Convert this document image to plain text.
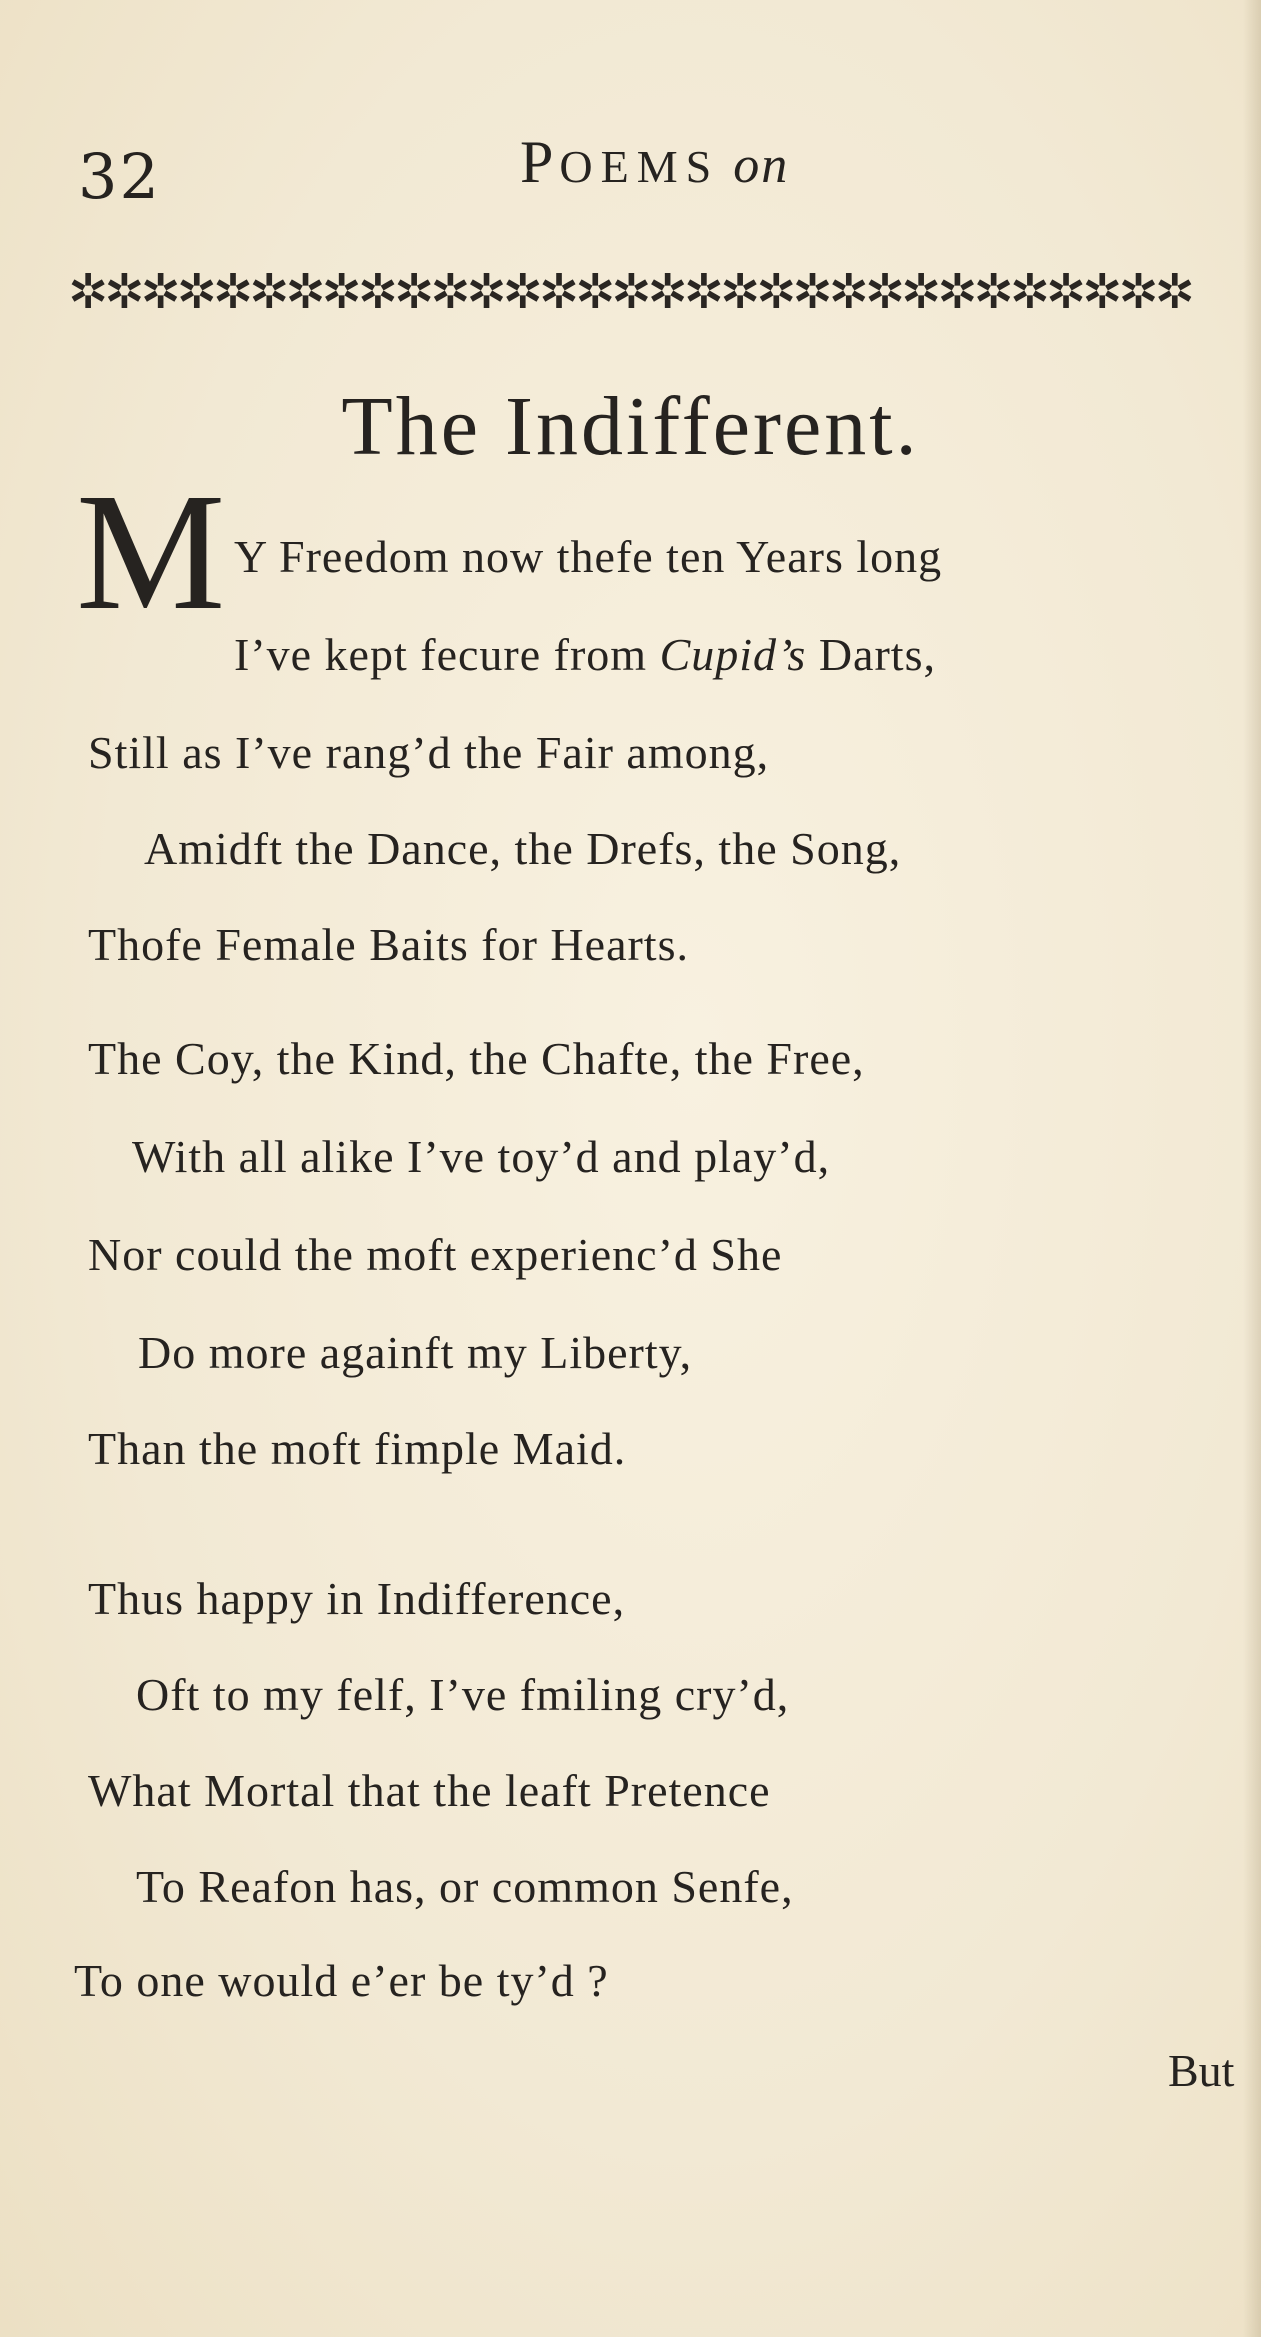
32	POEMS on
✲✲✲✲✲✲✲✲✲✲✲✲✲✲✲✲✲✲✲✲✲✲✲✲✲✲✲✲✲✲✲
The Indifferent.
M Y Freedom now thefe ten Years long
I’ve kept fecure from Cupid’s Darts,
Still as I’ve rang’d the Fair among,
Amidft the Dance, the Drefs, the Song,
Thofe Female Baits for Hearts.
The Coy, the Kind, the Chafte, the Free,
With all alike I’ve toy’d and play’d,
Nor could the moft experienc’d She
Do more againft my Liberty,
Than the moft fimple Maid.
Thus happy in Indifference,
Oft to my felf, I’ve fmiling cry’d,
What Mortal that the leaft Pretence
To Reafon has, or common Senfe,
To one would e’er be ty’d ?
But
